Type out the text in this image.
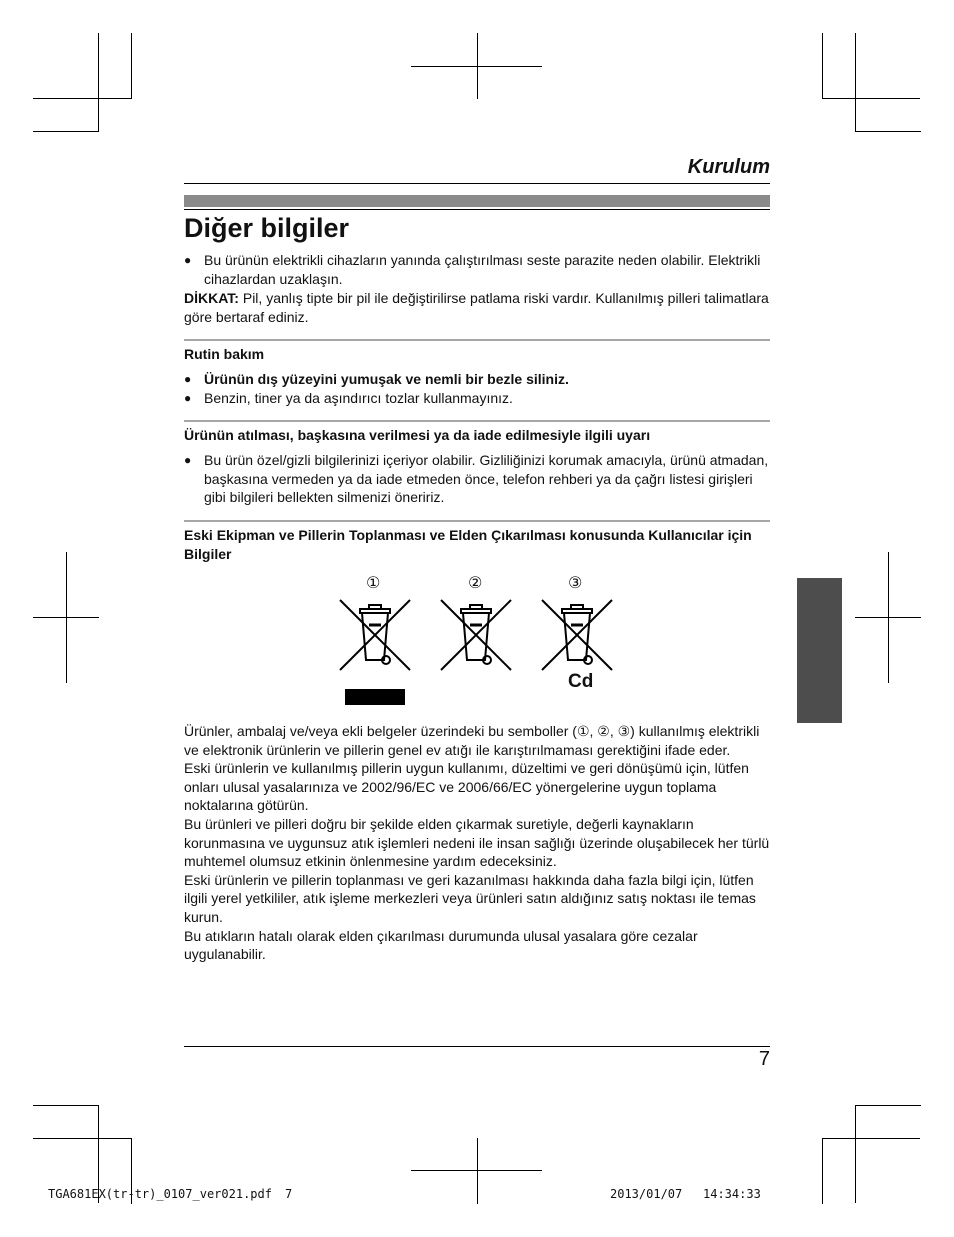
Kurulum
Diğer bilgiler
● Bu ürünün elektrikli cihazların yanında çalıştırılması seste parazite neden olabilir. Elektrikli cihazlardan uzaklaşın.
DİKKAT: Pil, yanlış tipte bir pil ile değiştirilirse patlama riski vardır. Kullanılmış pilleri talimatlara göre bertaraf ediniz.
Rutin bakım
● Ürünün dış yüzeyini yumuşak ve nemli bir bezle siliniz.
● Benzin, tiner ya da aşındırıcı tozlar kullanmayınız.
Ürünün atılması, başkasına verilmesi ya da iade edilmesiyle ilgili uyarı
● Bu ürün özel/gizli bilgilerinizi içeriyor olabilir. Gizliliğinizi korumak amacıyla, ürünü atmadan, başkasına vermeden ya da iade etmeden önce, telefon rehberi ya da çağrı listesi girişleri gibi bilgileri bellekten silmenizi öneririz.
Eski Ekipman ve Pillerin Toplanması ve Elden Çıkarılması konusunda Kullanıcılar için Bilgiler
①	②	③
Cd

Ürünler, ambalaj ve/veya ekli belgeler üzerindeki bu semboller (①, ②, ③) kullanılmış elektrikli ve elektronik ürünlerin ve pillerin genel ev atığı ile karıştırılmaması gerektiğini ifade eder.

Eski ürünlerin ve kullanılmış pillerin uygun kullanımı, düzeltimi ve geri dönüşümü için, lütfen onları ulusal yasalarınıza ve 2002/96/EC ve 2006/66/EC yönergelerine uygun toplama noktalarına götürün.

Bu ürünleri ve pilleri doğru bir şekilde elden çıkarmak suretiyle, değerli kaynakların korunmasına ve uygunsuz atık işlemleri nedeni ile insan sağlığı üzerinde oluşabilecek her türlü muhtemel olumsuz etkinin önlenmesine yardım edeceksiniz.

Eski ürünlerin ve pillerin toplanması ve geri kazanılması hakkında daha fazla bilgi için, lütfen ilgili yerel yetkililer, atık işleme merkezleri veya ürünleri satın aldığınız satış noktası ile temas kurun.

Bu atıkların hatalı olarak elden çıkarılması durumunda ulusal yasalara göre cezalar uygulanabilir.

7
TGA681EX(tr-tr)_0107_ver021.pdf 7	2013/01/07 14:34:33
